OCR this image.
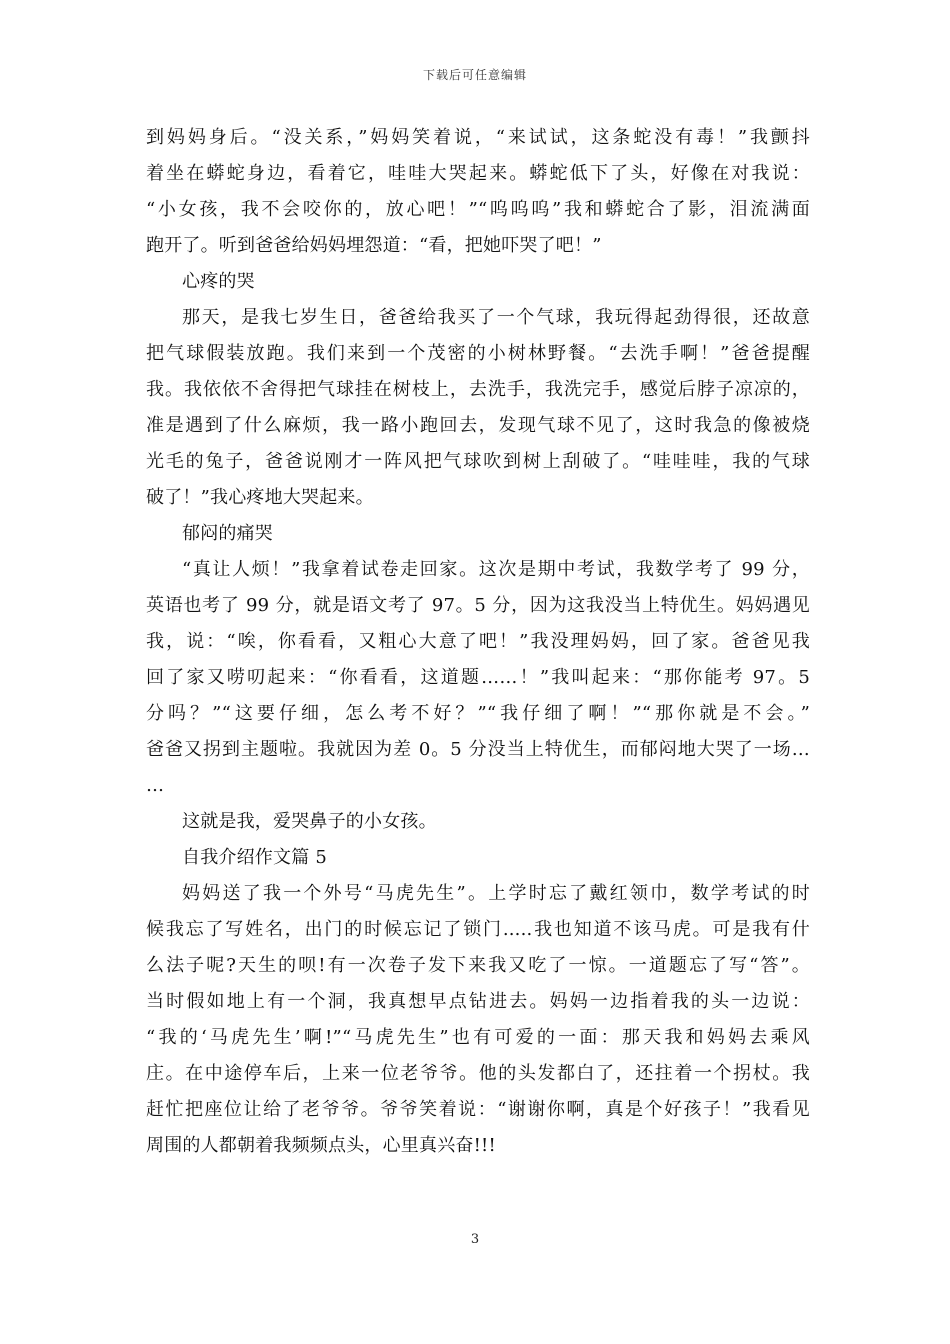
下载后可任意编辑
到妈妈身后。“没关系，”妈妈笑着说，“来试试，这条蛇没有毒！”我颤抖
着坐在蟒蛇身边，看着它，哇哇大哭起来。蟒蛇低下了头，好像在对我说：
“小女孩，我不会咬你的，放心吧！”“呜呜呜”我和蟒蛇合了影，泪流满面
跑开了。听到爸爸给妈妈埋怨道：“看，把她吓哭了吧！”
心疼的哭
那天，是我七岁生日，爸爸给我买了一个气球，我玩得起劲得很，还故意
把气球假装放跑。我们来到一个茂密的小树林野餐。“去洗手啊！”爸爸提醒
我。我依依不舍得把气球挂在树枝上，去洗手，我洗完手，感觉后脖子凉凉的，
准是遇到了什么麻烦，我一路小跑回去，发现气球不见了，这时我急的像被烧
光毛的兔子，爸爸说刚才一阵风把气球吹到树上刮破了。“哇哇哇，我的气球
破了！”我心疼地大哭起来。
郁闷的痛哭
“真让人烦！”我拿着试卷走回家。这次是期中考试，我数学考了 99 分，
英语也考了 99 分，就是语文考了 97。5 分，因为这我没当上特优生。妈妈遇见
我，说：“唉，你看看，又粗心大意了吧！”我没理妈妈，回了家。爸爸见我
回了家又唠叨起来：“你看看，这道题……！”我叫起来：“那你能考 97。5
分吗？”“这要仔细，怎么考不好？”“我仔细了啊！”“那你就是不会。”
爸爸又拐到主题啦。我就因为差 0。5 分没当上特优生，而郁闷地大哭了一场…
…
这就是我，爱哭鼻子的小女孩。
自我介绍作文篇 5
妈妈送了我一个外号“马虎先生”。上学时忘了戴红领巾，数学考试的时
候我忘了写姓名，出门的时候忘记了锁门.....我也知道不该马虎。可是我有什
么法子呢?天生的呗!有一次卷子发下来我又吃了一惊。一道题忘了写“答”。
当时假如地上有一个洞，我真想早点钻进去。妈妈一边指着我的头一边说：
“我的‘马虎先生’啊!”“马虎先生”也有可爱的一面：那天我和妈妈去乘风
庄。在中途停车后，上来一位老爷爷。他的头发都白了，还拄着一个拐杖。我
赶忙把座位让给了老爷爷。爷爷笑着说：“谢谢你啊，真是个好孩子！”我看见
周围的人都朝着我频频点头，心里真兴奋!!!
3
